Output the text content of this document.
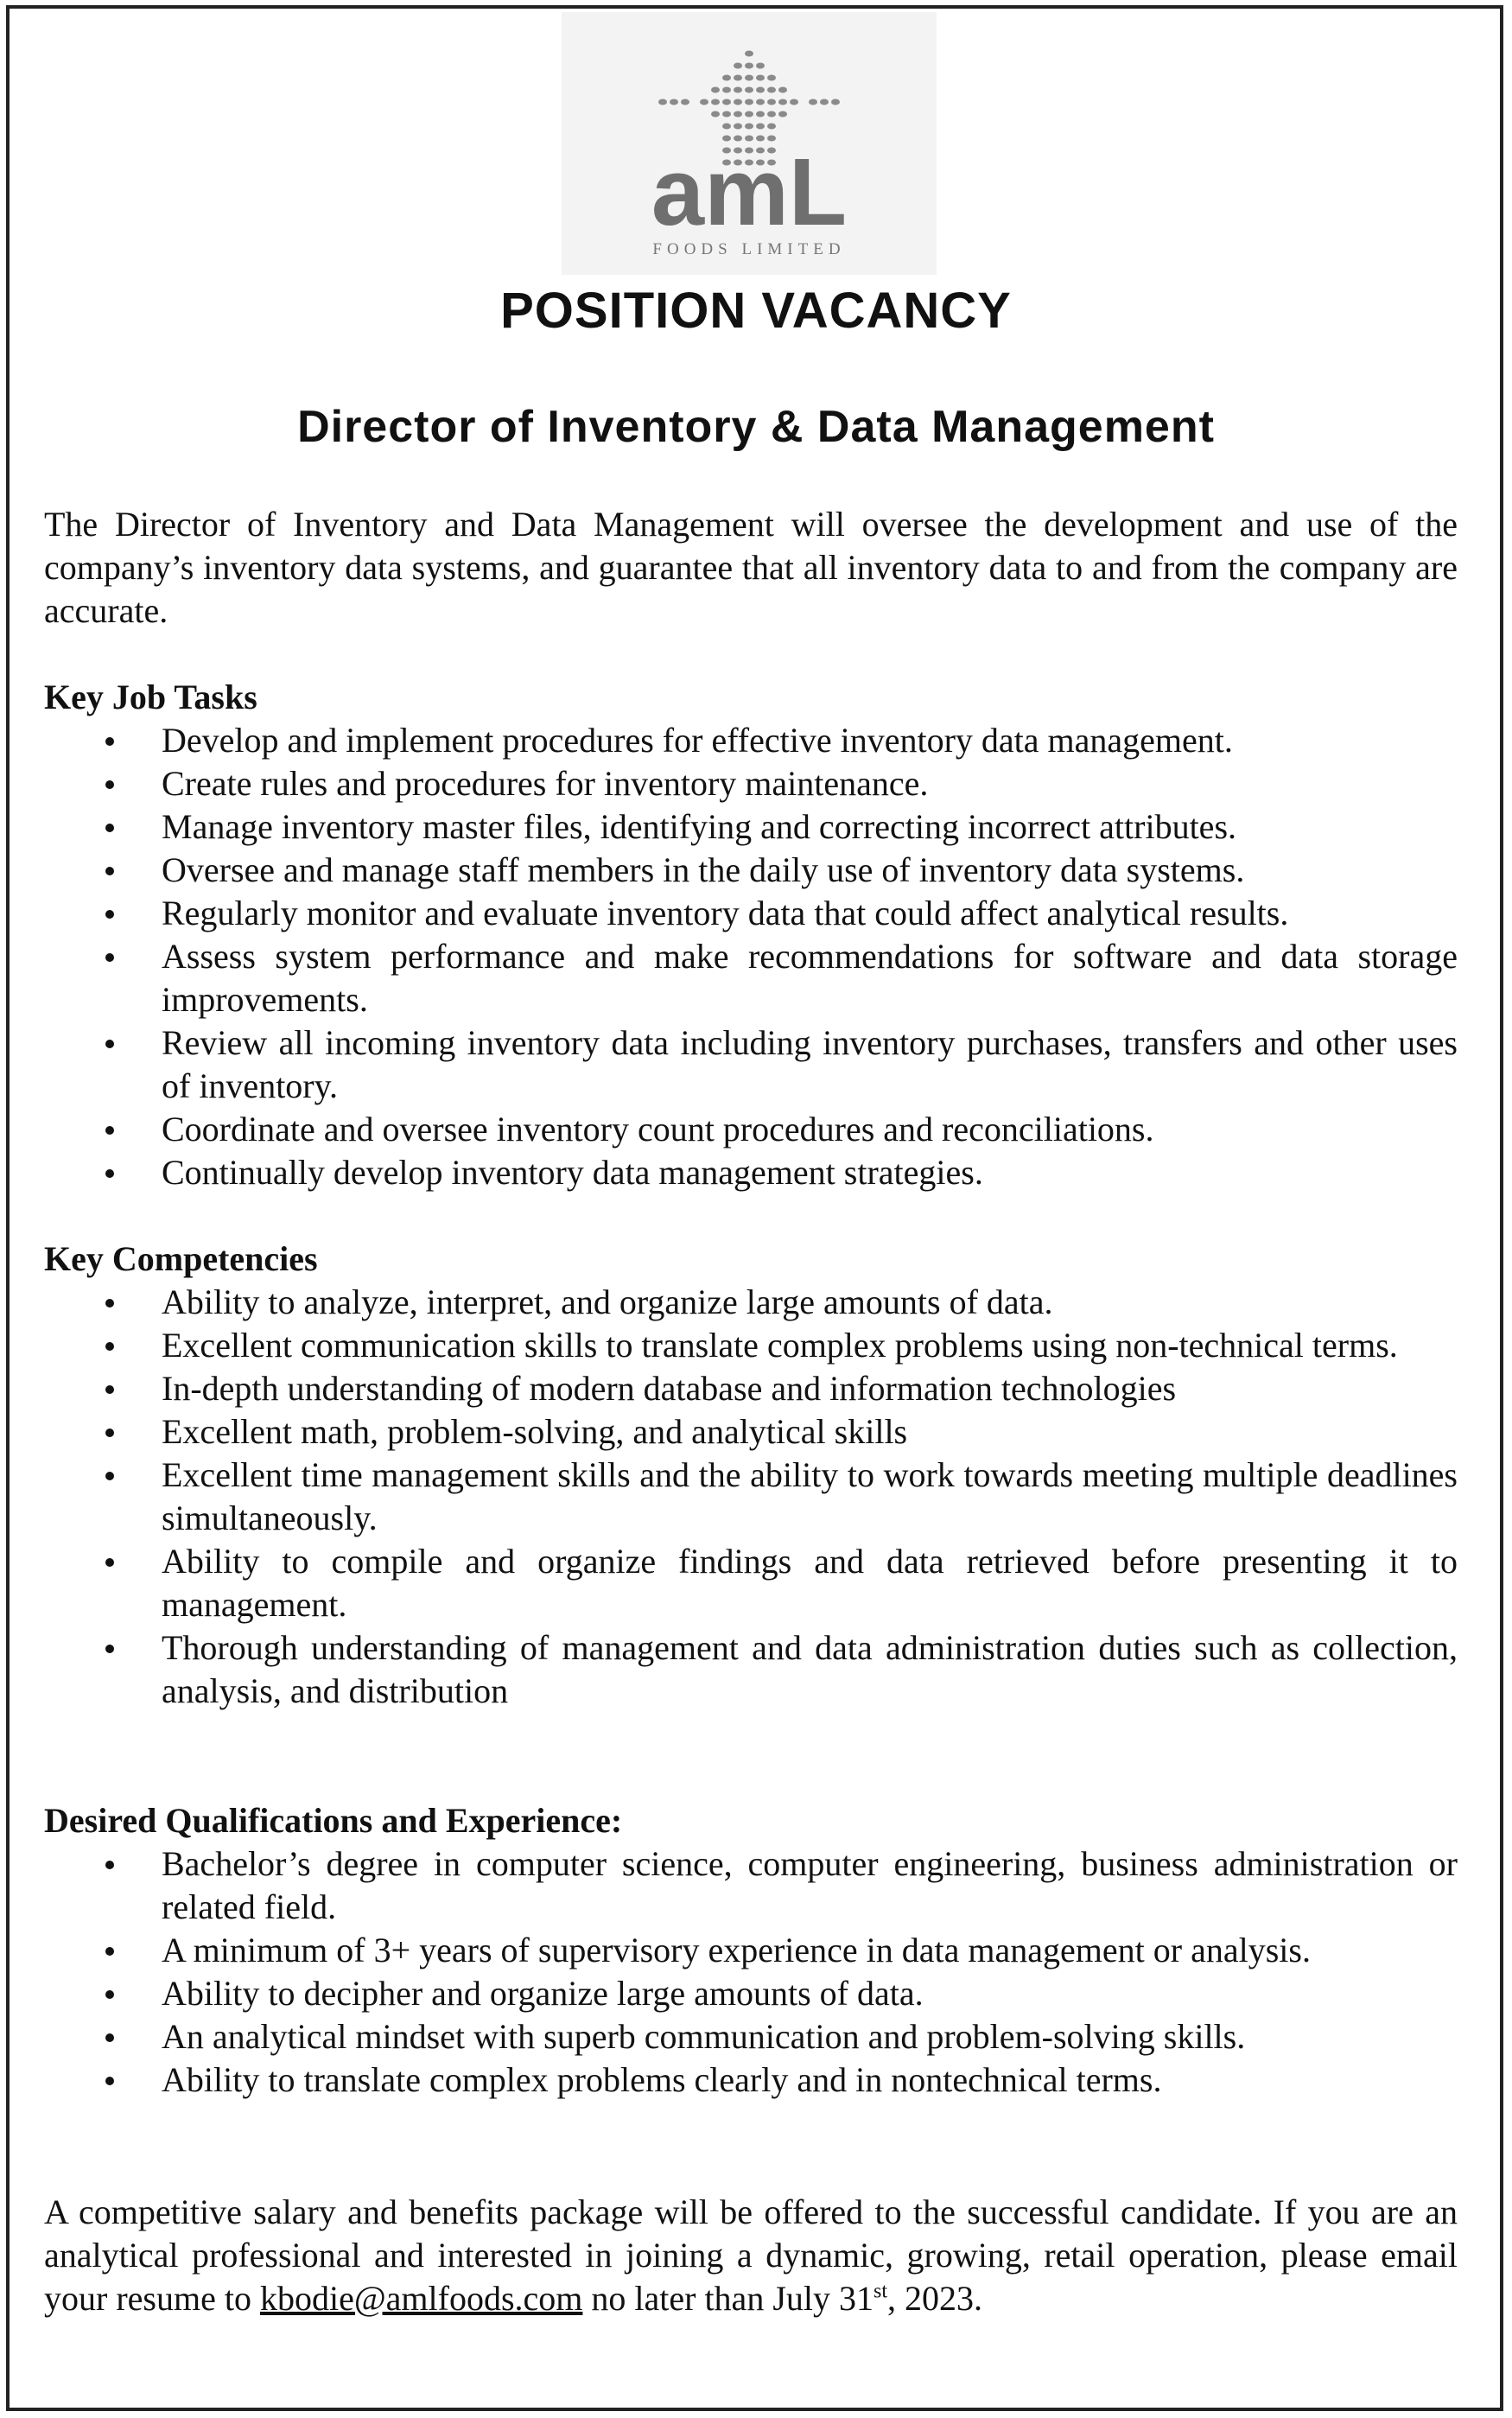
amL
FOODS LIMITED
POSITION VACANCY
Director of Inventory & Data Management

The Director of Inventory and Data Management will oversee the development and use of the company’s inventory data systems, and guarantee that all inventory data to and from the company are accurate.

Key Job Tasks

Develop and implement procedures for effective inventory data management.
Create rules and procedures for inventory maintenance.
Manage inventory master files, identifying and correcting incorrect attributes.
Oversee and manage staff members in the daily use of inventory data systems.
Regularly monitor and evaluate inventory data that could affect analytical results.
Assess system performance and make recommendations for software and data storage improvements.
Review all incoming inventory data including inventory purchases, transfers and other uses of inventory.
Coordinate and oversee inventory count procedures and reconciliations.
Continually develop inventory data management strategies.

Key Competencies

Ability to analyze, interpret, and organize large amounts of data.
Excellent communication skills to translate complex problems using non-technical terms.
In-depth understanding of modern database and information technologies
Excellent math, problem-solving, and analytical skills
Excellent time management skills and the ability to work towards meeting multiple deadlines simultaneously.
Ability to compile and organize findings and data retrieved before presenting it to management.
Thorough understanding of management and data administration duties such as collection, analysis, and distribution

Desired Qualifications and Experience:

Bachelor’s degree in computer science, computer engineering, business administration or related field.
A minimum of 3+ years of supervisory experience in data management or analysis.
Ability to decipher and organize large amounts of data.
An analytical mindset with superb communication and problem-solving skills.
Ability to translate complex problems clearly and in nontechnical terms.

A competitive salary and benefits package will be offered to the successful candidate. If you are an analytical professional and interested in joining a dynamic, growing, retail operation, please email your resume to kbodie@amlfoods.com no later than July 31st, 2023.
